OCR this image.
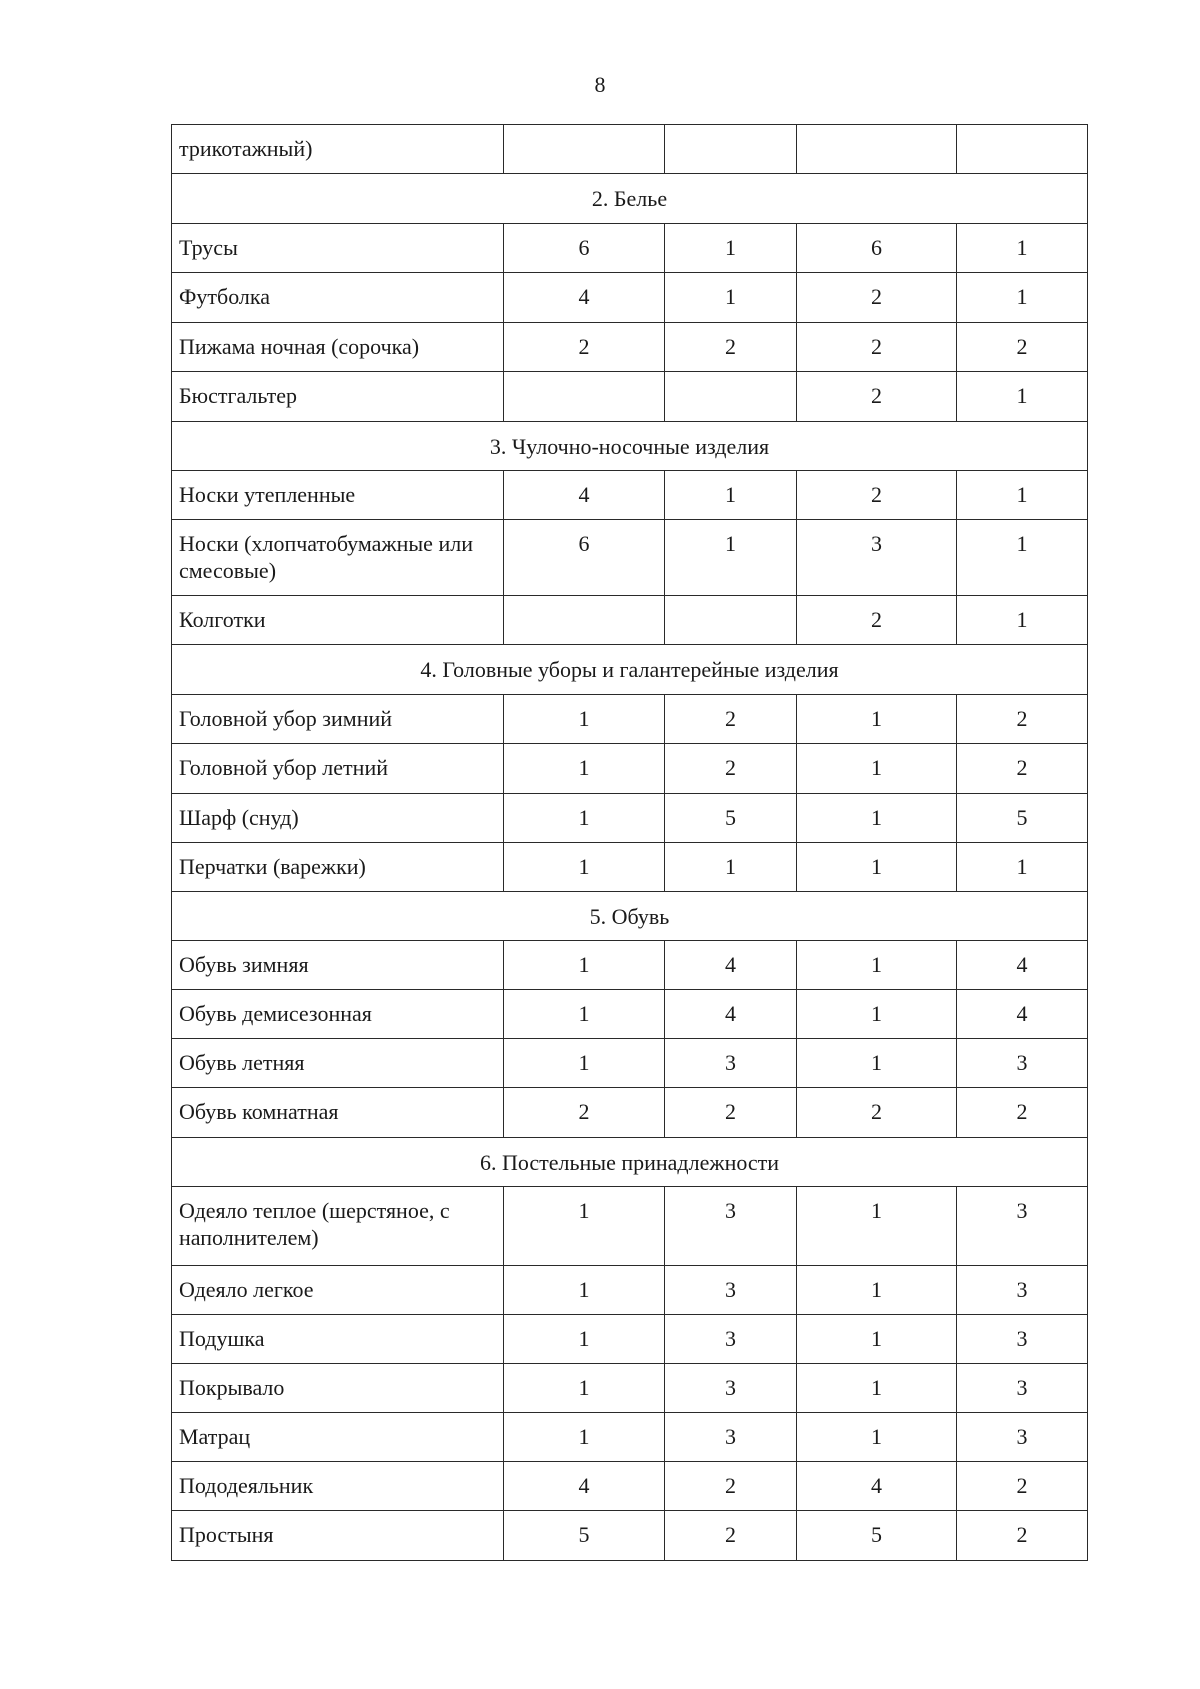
8
трикотажный)				
2. Белье				
Трусы	6	1	6	1
Футболка	4	1	2	1
Пижама ночная (сорочка)	2	2	2	2
Бюстгальтер			2	1
3. Чулочно-носочные изделия				
Носки утепленные	4	1	2	1
Носки (хлопчатобумажные или смесовые)	6	1	3	1
Колготки			2	1
4. Головные уборы и галантерейные изделия				
Головной убор зимний	1	2	1	2
Головной убор летний	1	2	1	2
Шарф (снуд)	1	5	1	5
Перчатки (варежки)	1	1	1	1
5. Обувь				
Обувь зимняя	1	4	1	4
Обувь демисезонная	1	4	1	4
Обувь летняя	1	3	1	3
Обувь комнатная	2	2	2	2
6. Постельные принадлежности				
Одеяло теплое (шерстяное, с наполнителем)	1	3	1	3
Одеяло легкое	1	3	1	3
Подушка	1	3	1	3
Покрывало	1	3	1	3
Матрац	1	3	1	3
Пододеяльник	4	2	4	2
Простыня	5	2	5	2
